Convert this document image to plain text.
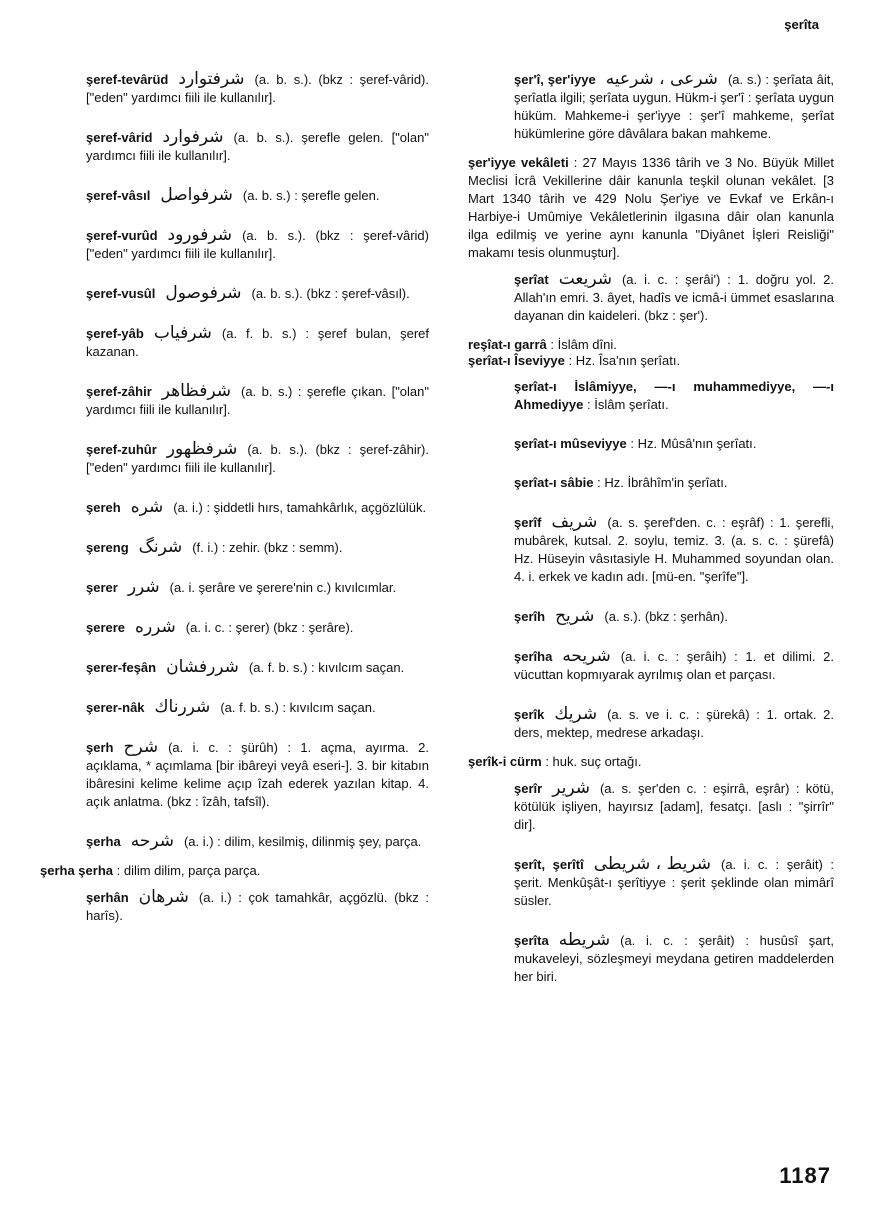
şerîta
şeref-tevârüd شرفتوارد (a. b. s.). (bkz : şeref-vârid). ["eden" yardımcı fiili ile kullanılır].
şeref-vârid شرفوارد (a. b. s.). şerefle gelen. ["olan" yardımcı fiili ile kullanılır].
şeref-vâsıl شرفواصل (a. b. s.) : şerefle gelen.
şeref-vurûd شرفورود (a. b. s.). (bkz : şeref-vârid) ["eden" yardımcı fiili ile kullanılır].
şeref-vusûl شرفوصول (a. b. s.). (bkz : şeref-vâsıl).
şeref-yâb شرفياب (a. f. b. s.) : şeref bulan, şeref kazanan.
şeref-zâhir شرفظاهر (a. b. s.) : şerefle çıkan. ["olan" yardımcı fiili ile kullanılır].
şeref-zuhûr شرفظهور (a. b. s.). (bkz : şeref-zâhir). ["eden" yardımcı fiili ile kullanılır].
şereh شره (a. i.) : şiddetli hırs, tamahkârlık, açgözlülük.
şereng شرنگ (f. i.) : zehir. (bkz : semm).
şerer شرر (a. i. şerâre ve şerere'nin c.) kıvılcımlar.
şerere شرره (a. i. c. : şerer) (bkz : şerâre).
şerer-feşân شررفشان (a. f. b. s.) : kıvılcım saçan.
şerer-nâk شررناك (a. f. b. s.) : kıvılcım saçan.
şerh شرح (a. i. c. : şürûh) : 1. açma, ayırma. 2. açıklama, * açımlama [bir ibâreyi veyâ eseri-]. 3. bir kitabın ibâresini kelime kelime açıp îzah ederek yazılan kitap. 4. açık anlatma. (bkz : îzâh, tafsîl).
şerha شرحه (a. i.) : dilim, kesilmiş, dilinmiş şey, parça.
şerha şerha : dilim dilim, parça parça.
şerhân شرهان (a. i.) : çok tamahkâr, açgözlü. (bkz : harîs).
şer'î, şer'iyye شرعى ، شرعيه (a. s.) : şerîata âit, şerîatla ilgili; şerîata uygun. Hükm-i şer'î : şerîata uygun hüküm. Mahkeme-i şer'iyye : şer'î mahkeme, şerîat hükümlerine göre dâvâlara bakan mahkeme.
şer'iyye vekâleti : 27 Mayıs 1336 târih ve 3 No. Büyük Millet Meclisi İcrâ Vekillerine dâir kanunla teşkil olunan vekâlet. [3 Mart 1340 târih ve 429 Nolu Şer'iye ve Evkaf ve Erkân-ı Harbiye-i Umûmiye Vekâletlerinin ilgasına dâir olan kanunla ilga edilmiş ve yerine aynı kanunla "Diyânet İşleri Reisliği" makamı tesis olunmuştur].
şerîat شريعت (a. i. c. : şerâi') : 1. doğru yol. 2. Allah'ın emri. 3. âyet, hadîs ve icmâ-i ümmet esaslarına dayanan din kaideleri. (bkz : şer').
reşîat-ı garrâ : İslâm dîni.
şerîat-ı Îseviyye : Hz. Îsa'nın şerîatı.
şerîat-ı İslâmiyye, —-ı muhammediyye, —-ı Ahmediyye : İslâm şerîatı.
şerîat-ı mûseviyye : Hz. Mûsâ'nın şerîatı.
şerîat-ı sâbie : Hz. İbrâhîm'in şerîatı.
şerîf شريف (a. s. şeref'den. c. : eşrâf) : 1. şerefli, mubârek, kutsal. 2. soylu, temiz. 3. (a. s. c. : şürefâ) Hz. Hüseyin vâsıtasiyle H. Muhammed soyundan olan. 4. i. erkek ve kadın adı. [mü-en. "şerîfe"].
şerîh شريح (a. s.). (bkz : şerhân).
şerîha شريحه (a. i. c. : şerâih) : 1. et dilimi. 2. vücuttan kopmıyarak ayrılmış olan et parçası.
şerîk شريك (a. s. ve i. c. : şürekâ) : 1. ortak. 2. ders, mektep, medrese arkadaşı.
şerîk-i cürm : huk. suç ortağı.
şerîr شرير (a. s. şer'den c. : eşirrâ, eşrâr) : kötü, kötülük işliyen, hayırsız [adam], fesatçı. [aslı : "şirrîr" dir].
şerît, şerîtî شريط ، شريطى (a. i. c. : şerâit) : şerit. Menkûşât-ı şerîtiyye : şerit şeklinde olan mimârî süsler.
şerîta شريطه (a. i. c. : şerâit) : husûsî şart, mukaveleyi, sözleşmeyi meydana getiren maddelerden her biri.
1187
